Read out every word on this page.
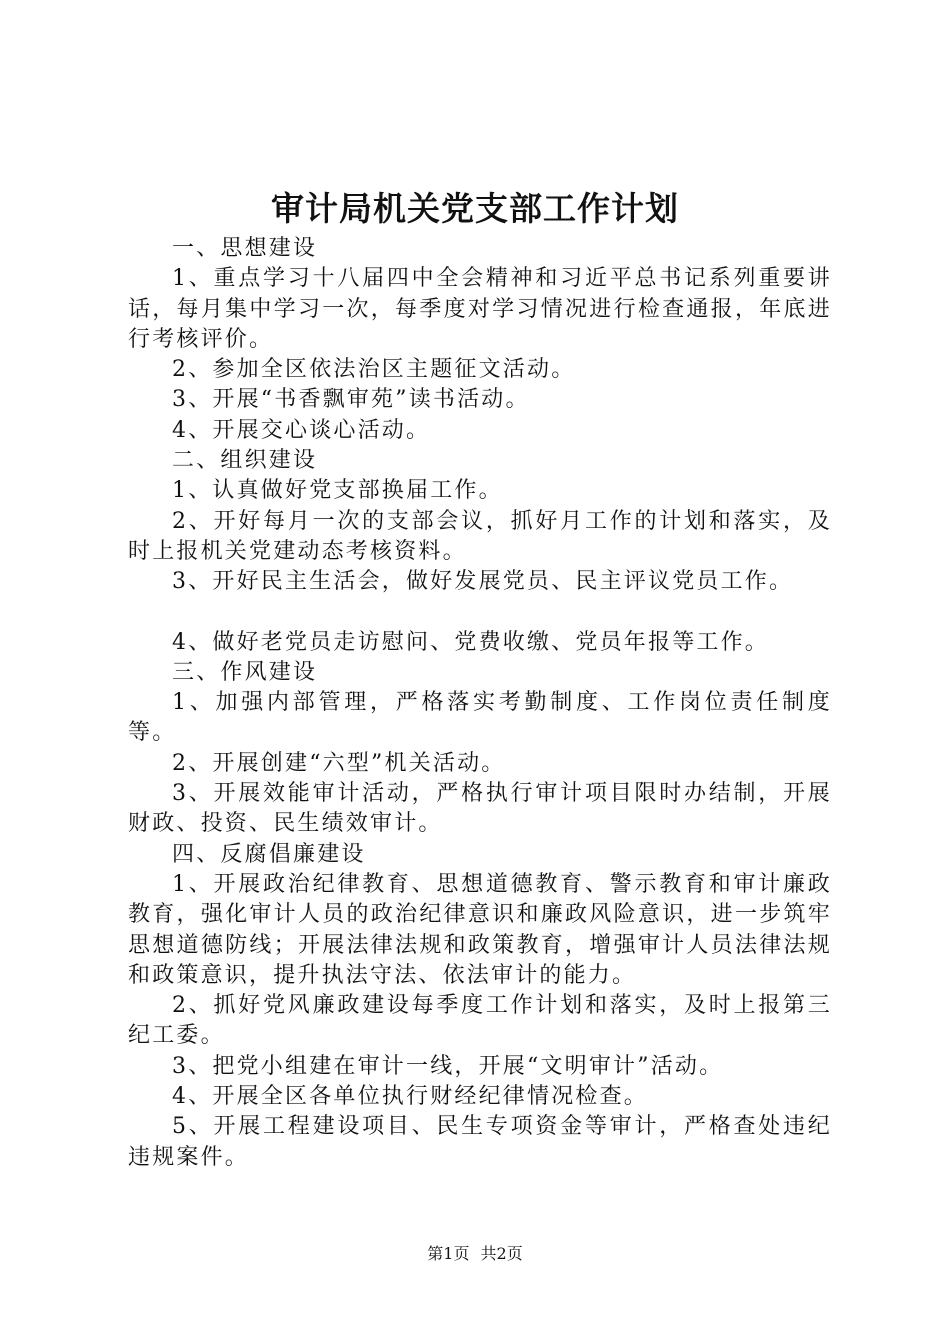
审计局机关党支部工作计划

一、思想建设

1、重点学习十八届四中全会精神和习近平总书记系列重要讲话，每月集中学习一次，每季度对学习情况进行检查通报，年底进行考核评价。

2、参加全区依法治区主题征文活动。

3、开展“书香飘审苑”读书活动。

4、开展交心谈心活动。

二、组织建设

1、认真做好党支部换届工作。

2、开好每月一次的支部会议，抓好月工作的计划和落实，及时上报机关党建动态考核资料。

3、开好民主生活会，做好发展党员、民主评议党员工作。

4、做好老党员走访慰问、党费收缴、党员年报等工作。

三、作风建设

1、加强内部管理，严格落实考勤制度、工作岗位责任制度等。

2、开展创建“六型”机关活动。

3、开展效能审计活动，严格执行审计项目限时办结制，开展财政、投资、民生绩效审计。

四、反腐倡廉建设

1、开展政治纪律教育、思想道德教育、警示教育和审计廉政教育，强化审计人员的政治纪律意识和廉政风险意识，进一步筑牢思想道德防线；开展法律法规和政策教育，增强审计人员法律法规和政策意识，提升执法守法、依法审计的能力。

2、抓好党风廉政建设每季度工作计划和落实，及时上报第三纪工委。

3、把党小组建在审计一线，开展“文明审计”活动。

4、开展全区各单位执行财经纪律情况检查。

5、开展工程建设项目、民生专项资金等审计，严格查处违纪违规案件。

第1页 共2页
